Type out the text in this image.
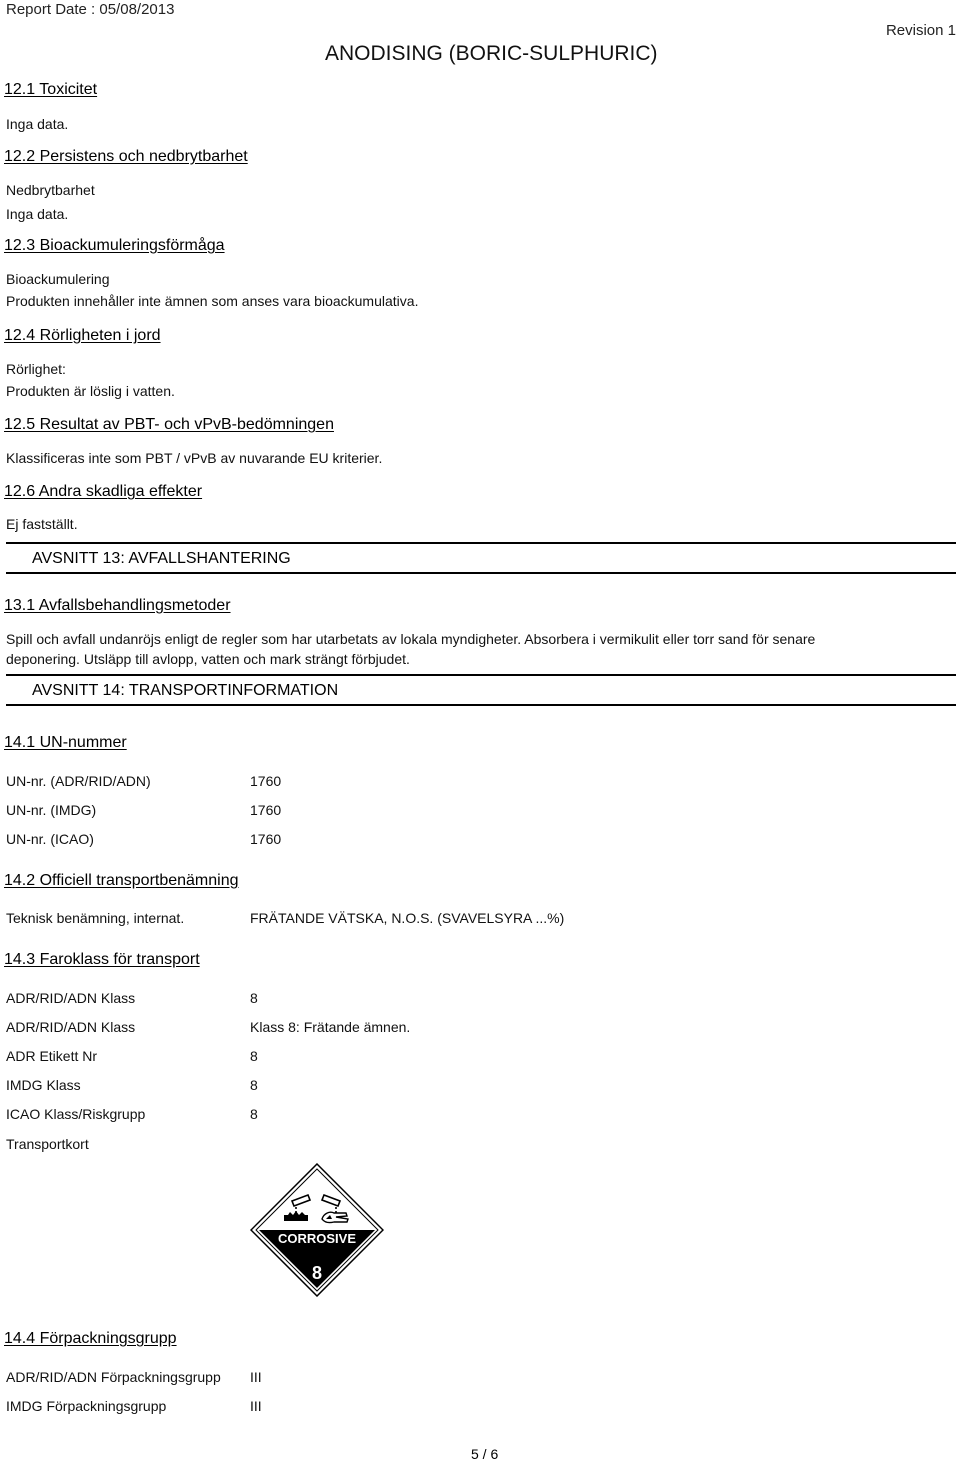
Report Date : 05/08/2013
Revision 1
ANODISING (BORIC-SULPHURIC)
12.1 Toxicitet
Inga data.
12.2 Persistens och nedbrytbarhet
Nedbrytbarhet
Inga data.
12.3 Bioackumuleringsförmåga
Bioackumulering
Produkten innehåller inte ämnen som anses vara bioackumulativa.
12.4 Rörligheten i jord
Rörlighet:
Produkten är löslig i vatten.
12.5 Resultat av PBT- och vPvB-bedömningen
Klassificeras inte som PBT / vPvB av nuvarande EU kriterier.
12.6 Andra skadliga effekter
Ej fastställt.
AVSNITT 13: AVFALLSHANTERING
13.1 Avfallsbehandlingsmetoder
Spill och avfall undanröjs enligt de regler som har utarbetats av lokala myndigheter. Absorbera i vermikulit eller torr sand för senare
deponering. Utsläpp till avlopp, vatten och mark strängt förbjudet.
AVSNITT 14: TRANSPORTINFORMATION
14.1 UN-nummer
UN-nr. (ADR/RID/ADN)	1760
UN-nr. (IMDG)	1760
UN-nr. (ICAO)	1760
14.2 Officiell transportbenämning
Teknisk benämning, internat.	FRÄTANDE VÄTSKA, N.O.S. (SVAVELSYRA ...%)
14.3 Faroklass för transport
ADR/RID/ADN Klass	8
ADR/RID/ADN Klass	Klass 8: Frätande ämnen.
ADR Etikett Nr	8
IMDG Klass	8
ICAO Klass/Riskgrupp	8
Transportkort
CORROSIVE
8
14.4 Förpackningsgrupp
ADR/RID/ADN Förpackningsgrupp III
IMDG Förpackningsgrupp	III
5 / 6
